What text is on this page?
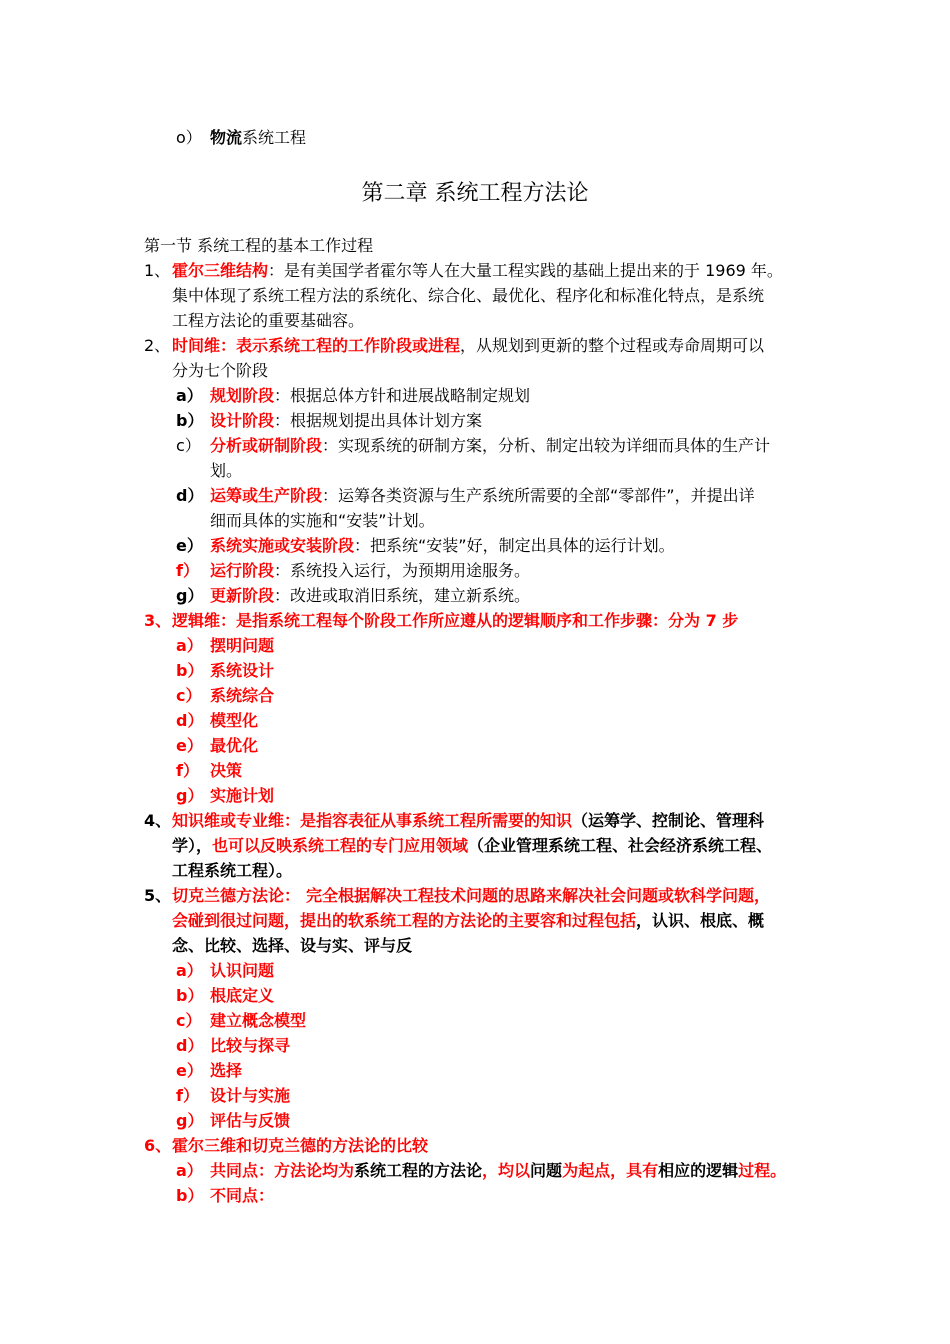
o） 物流系统工程
第二章 系统工程方法论
第一节 系统工程的基本工作过程
1、 霍尔三维结构：是有美国学者霍尔等人在大量工程实践的基础上提出来的于 1969 年。
集中体现了系统工程方法的系统化、综合化、最优化、程序化和标准化特点，是系统
工程方法论的重要基础容。
2、 时间维：表示系统工程的工作阶段或进程，从规划到更新的整个过程或寿命周期可以
分为七个阶段
a） 规划阶段：根据总体方针和进展战略制定规划
b） 设计阶段：根据规划提出具体计划方案
c） 分析或研制阶段：实现系统的研制方案，分析、制定出较为详细而具体的生产计
划。
d） 运筹或生产阶段：运筹各类资源与生产系统所需要的全部“零部件”，并提出详
细而具体的实施和“安装”计划。
e） 系统实施或安装阶段：把系统“安装”好，制定出具体的运行计划。
f） 运行阶段：系统投入运行，为预期用途服务。
g） 更新阶段：改进或取消旧系统，建立新系统。
3、逻辑维：是指系统工程每个阶段工作所应遵从的逻辑顺序和工作步骤：分为 7 步
a） 摆明问题
b） 系统设计
c） 系统综合
d） 模型化
e） 最优化
f） 决策
g） 实施计划
4、知识维或专业维：是指容表征从事系统工程所需要的知识（运筹学、控制论、管理科
学），也可以反映系统工程的专门应用领域（企业管理系统工程、社会经济系统工程、
工程系统工程）。
5、切克兰德方法论： 完全根据解决工程技术问题的思路来解决社会问题或软科学问题，
会碰到很过问题，提出的软系统工程的方法论的主要容和过程包括，认识、根底、概
念、比较、选择、设与实、评与反
a） 认识问题
b） 根底定义
c） 建立概念模型
d） 比较与探寻
e） 选择
f） 设计与实施
g） 评估与反馈
6、霍尔三维和切克兰德的方法论的比较
a） 共同点：方法论均为系统工程的方法论，均以问题为起点，具有相应的逻辑过程。
b） 不同点：
